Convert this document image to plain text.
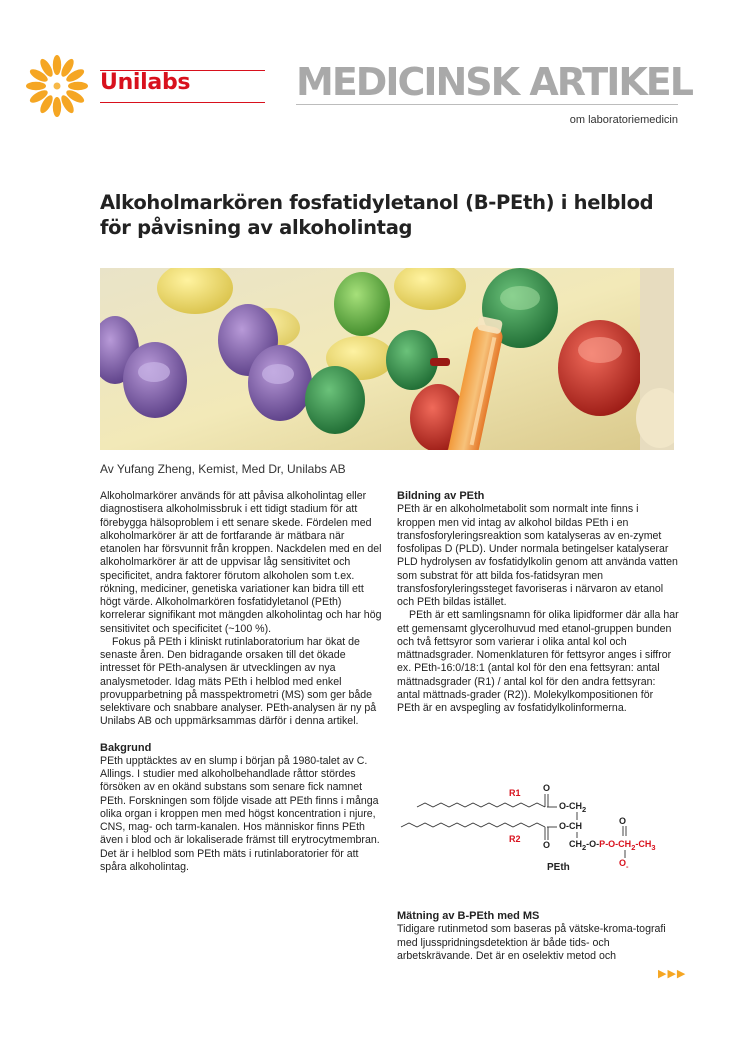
Unilabs	MEDICINSK ARTIKEL
om laboratoriemedicin
Alkoholmarkören fosfatidyletanol (B-PEth) i helblod för påvisning av alkoholintag
Av Yufang Zheng, Kemist, Med Dr, Unilabs AB

Alkoholmarkörer används för att påvisa alkoholintag eller diagnostisera alkoholmissbruk i ett tidigt stadium för att förebygga hälsoproblem i ett senare skede. Fördelen med alkoholmarkörer är att de fortfarande är mätbara när etanolen har försvunnit från kroppen. Nackdelen med en del alkoholmarkörer är att de uppvisar låg sensitivitet och specificitet, andra faktorer förutom alkoholen som t.ex. rökning, mediciner, genetiska variationer kan bidra till ett högt värde. Alkoholmarkören fosfatidyletanol (PEth) korrelerar signifikant mot mängden alkoholintag och har hög sensitivitet och specificitet (~100 %).

Fokus på PEth i kliniskt rutinlaboratorium har ökat de senaste åren. Den bidragande orsaken till det ökade intresset för PEth-analysen är utvecklingen av nya analysmetoder. Idag mäts PEth i helblod med enkel provupparbetning på masspektrometri (MS) som ger både selektivare och snabbare analyser. PEth-analysen är ny på Unilabs AB och uppmärksammas därför i denna artikel.

Bakgrund

PEth upptäcktes av en slump i början på 1980-talet av C. Allings. I studier med alkoholbehandlade råttor stördes försöken av en okänd substans som senare fick namnet PEth. Forskningen som följde visade att PEth finns i många olika organ i kroppen men med högst koncentration i njure, CNS, mag- och tarm-kanalen. Hos människor finns PEth även i blod och är lokaliserade främst till erytrocytmembran. Det är i helblod som PEth mäts i rutinlaboratorier för att spåra alkoholintag.

Bildning av PEth

PEth är en alkoholmetabolit som normalt inte finns i kroppen men vid intag av alkohol bildas PEth i en transfosforyleringsreaktion som katalyseras av en-zymet fosfolipas D (PLD). Under normala betingelser katalyserar PLD hydrolysen av fosfatidylkolin genom att använda vatten som substrat för att bilda fos-fatidsyran men transfosforyleringssteget favoriseras i närvaron av etanol och PEth bildas istället.

PEth är ett samlingsnamn för olika lipidformer där alla har ett gemensamt glycerolhuvud med etanol-gruppen bunden och två fettsyror som varierar i olika antal kol och mättnadsgrader. Nomenklaturen för fettsyror anges i siffror ex. PEth-16:0/18:1 (antal kol för den ena fettsyran: antal mättnadsgrader (R1) / antal kol för den andra fettsyran: antal mättnads-grader (R2)). Molekylkompositionen för PEth är en avspegling av fosfatidylkolinformerna.

R1
R2
O
O
$O-CH_2$
O-CH	O
$CH_2-O-P-O-CH_2-CH_3$
$O_-$
PEth
Mätning av B-PEth med MS

Tidigare rutinmetod som baseras på vätske-kroma-tografi med ljusspridningsdetektion är både tids- och arbetskrävande. Det är en oselektiv metod och

▶▶▶
